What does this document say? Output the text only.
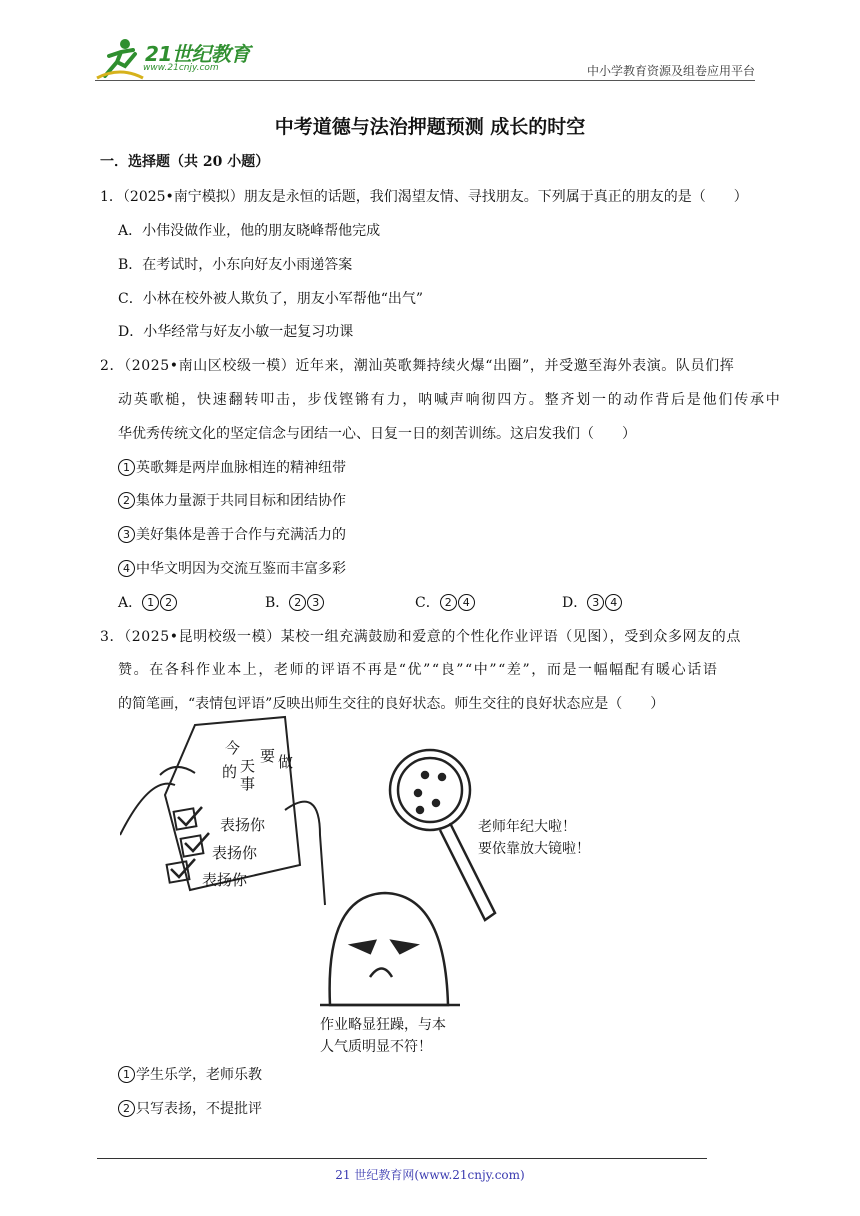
21世纪教育
www.21cnjy.com	中小学教育资源及组卷应用平台
中考道德与法治押题预测 成长的时空
一．选择题（共 20 小题）
1．（2025•南宁模拟）朋友是永恒的话题，我们渴望友情、寻找朋友。下列属于真正的朋友的是（　　）
A．小伟没做作业，他的朋友晓峰帮他完成
B．在考试时，小东向好友小雨递答案
C．小林在校外被人欺负了，朋友小军帮他“出气”
D．小华经常与好友小敏一起复习功课
2．（2025•南山区校级一模）近年来，潮汕英歌舞持续火爆“出圈”，并受邀至海外表演。队员们挥
动英歌槌，快速翻转叩击，步伐铿锵有力，呐喊声响彻四方。整齐划一的动作背后是他们传承中
华优秀传统文化的坚定信念与团结一心、日复一日的刻苦训练。这启发我们（　　）
1 英歌舞是两岸血脉相连的精神纽带
2 集体力量源于共同目标和团结协作
3 美好集体是善于合作与充满活力的
4 中华文明因为交流互鉴而丰富多彩
A． 1 2	B． 2 3	C． 2 4	D． 3 4
3．（2025•昆明校级一模）某校一组充满鼓励和爱意的个性化作业评语（见图），受到众多网友的点
赞。在各科作业本上，老师的评语不再是“优”“良”“中”“差”，而是一幅幅配有暖心话语
的简笔画，“表情包评语”反映出师生交往的良好状态。师生交往的良好状态应是（　　）
今
天
要 做
的
事
表扬你
表扬你
表扬你
老师年纪大啦！
要依靠放大镜啦！
作业略显狂躁，与本
人气质明显不符！
1 学生乐学，老师乐教
2 只写表扬，不提批评
21 世纪教育网(www.21cnjy.com)
